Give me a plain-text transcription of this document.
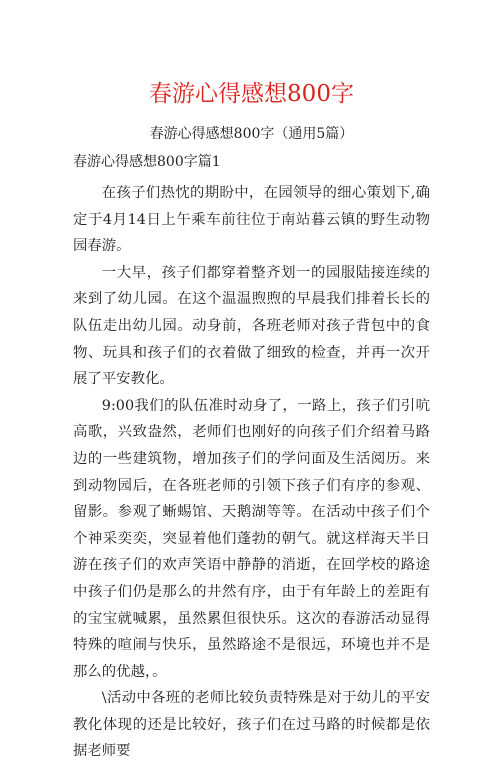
春游心得感想800字
春游心得感想800字（通用5篇）
春游心得感想800字篇1

在孩子们热忱的期盼中，在园领导的细心策划下,确定于4月14日上午乘车前往位于南站暮云镇的野生动物园春游。

一大早，孩子们都穿着整齐划一的园服陆接连续的来到了幼儿园。在这个温温煦煦的早晨我们排着长长的队伍走出幼儿园。动身前，各班老师对孩子背包中的食物、玩具和孩子们的衣着做了细致的检查，并再一次开展了平安教化。

9:00我们的队伍准时动身了，一路上，孩子们引吭高歌，兴致盎然，老师们也刚好的向孩子们介绍着马路边的一些建筑物，增加孩子们的学问面及生活阅历。来到动物园后，在各班老师的引领下孩子们有序的参观、留影。参观了蜥蜴馆、天鹅湖等等。在活动中孩子们个个神采奕奕，突显着他们蓬勃的朝气。就这样海天半日游在孩子们的欢声笑语中静静的消逝，在回学校的路途中孩子们仍是那么的井然有序，由于有年龄上的差距有的宝宝就喊累，虽然累但很快乐。这次的春游活动显得特殊的喧闹与快乐，虽然路途不是很远，环境也并不是那么的优越，。

\活动中各班的老师比较负责特殊是对于幼儿的平安教化体现的还是比较好，孩子们在过马路的时候都是依据老师要
